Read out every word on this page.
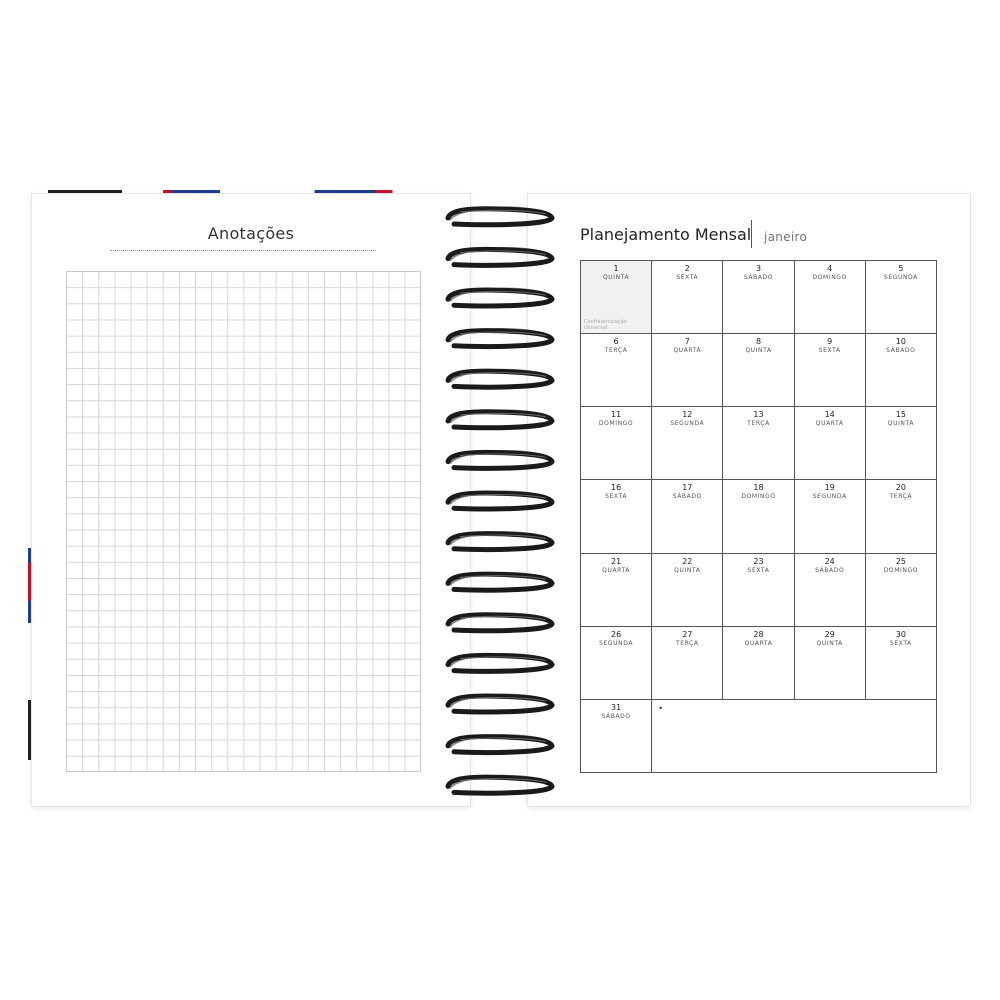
Anotações	Planejamento Mensal janeiro
1
QUINTA
Confraternização Universal
2
SEXTA
3
SÁBADO
4
DOMINGO
5
SEGUNDA
6
TERÇA
7
QUARTA
8
QUINTA
9
SEXTA
10
SÁBADO
11
DOMINGO
12
SEGUNDA
13
TERÇA
14
QUARTA
15
QUINTA
16
SEXTA
17
SÁBADO
18
DOMINGO
19
SEGUNDA
20
TERÇA
21
QUARTA
22
QUINTA
23
SEXTA
24
SÁBADO
25
DOMINGO
26
SEGUNDA
27
TERÇA
28
QUARTA
29
QUINTA
30
SEXTA
31
SÁBADO
•
